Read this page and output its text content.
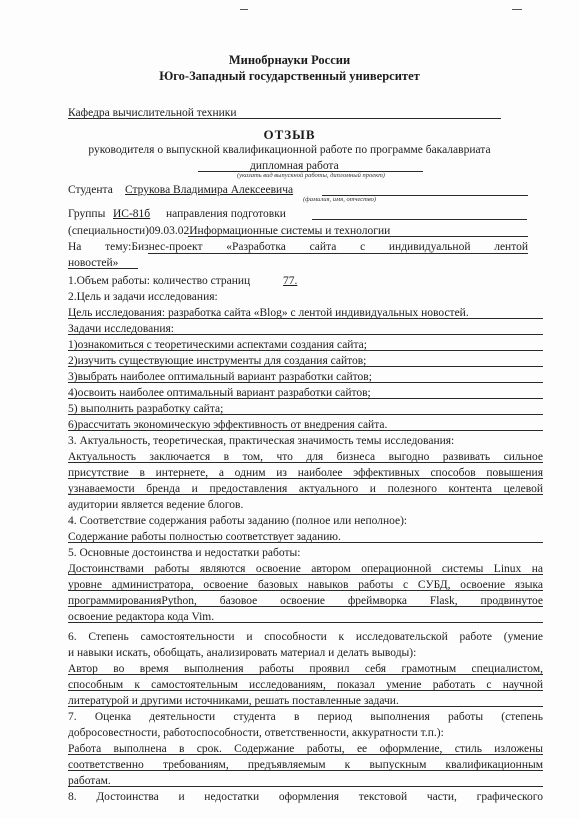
Минобрнауки России
Юго-Западный государственный университет
Кафедра вычислительной техники
ОТЗЫВ
руководителя о выпускной квалификационной работе по программе бакалавриата
дипломная работа
(указать вид выпускной работы, дипломный проект)
Студента Струкова Владимира Алексеевича
(фамилия, имя, отчество)
Группы ИС-81б направления подготовки
(специальности)09.03.02Информационные системы и технологии
На тему:Бизнес-проект «Разработка сайта с индивидуальной лентой
новостей»
1.Объем работы: количество страниц	77.
2.Цель и задачи исследования:
Цель исследования: разработка сайта «Blog» с лентой индивидуальных новостей.
Задачи исследования:
1)ознакомиться с теоретическими аспектами создания сайта;
2)изучить существующие инструменты для создания сайтов;
3)выбрать наиболее оптимальный вариант разработки сайтов;
4)освоить наиболее оптимальный вариант разработки сайтов;
5) выполнить разработку сайта;
6)рассчитать экономическую эффективность от внедрения сайта.
3. Актуальность, теоретическая, практическая значимость темы исследования:
Актуальность заключается в том, что для бизнеса выгодно развивать сильное
присутствие в интернете, а одним из наиболее эффективных способов повышения
узнаваемости бренда и предоставления актуального и полезного контента целевой
аудитории является ведение блогов.
4. Соответствие содержания работы заданию (полное или неполное):
Содержание работы полностью соответствует заданию.
5. Основные достоинства и недостатки работы:
Достоинствами работы являются освоение автором операционной системы Linux на
уровне администратора, освоение базовых навыков работы с СУБД, освоение языка
программированияPython, базовое освоение фреймворка Flask, продвинутое
освоение редактора кода Vim.
6. Степень самостоятельности и способности к исследовательской работе (умение
и навыки искать, обобщать, анализировать материал и делать выводы):
Автор во время выполнения работы проявил себя грамотным специалистом,
способным к самостоятельным исследованиям, показал умение работать с научной
литературой и другими источниками, решать поставленные задачи.
7. Оценка деятельности студента в период выполнения работы (степень
добросовестности, работоспособности, ответственности, аккуратности т.п.):
Работа выполнена в срок. Содержание работы, ее оформление, стиль изложены
соответственно требованиям, предъявляемым к выпускным квалификационным
работам.
8. Достоинства и недостатки оформления текстовой части, графического
